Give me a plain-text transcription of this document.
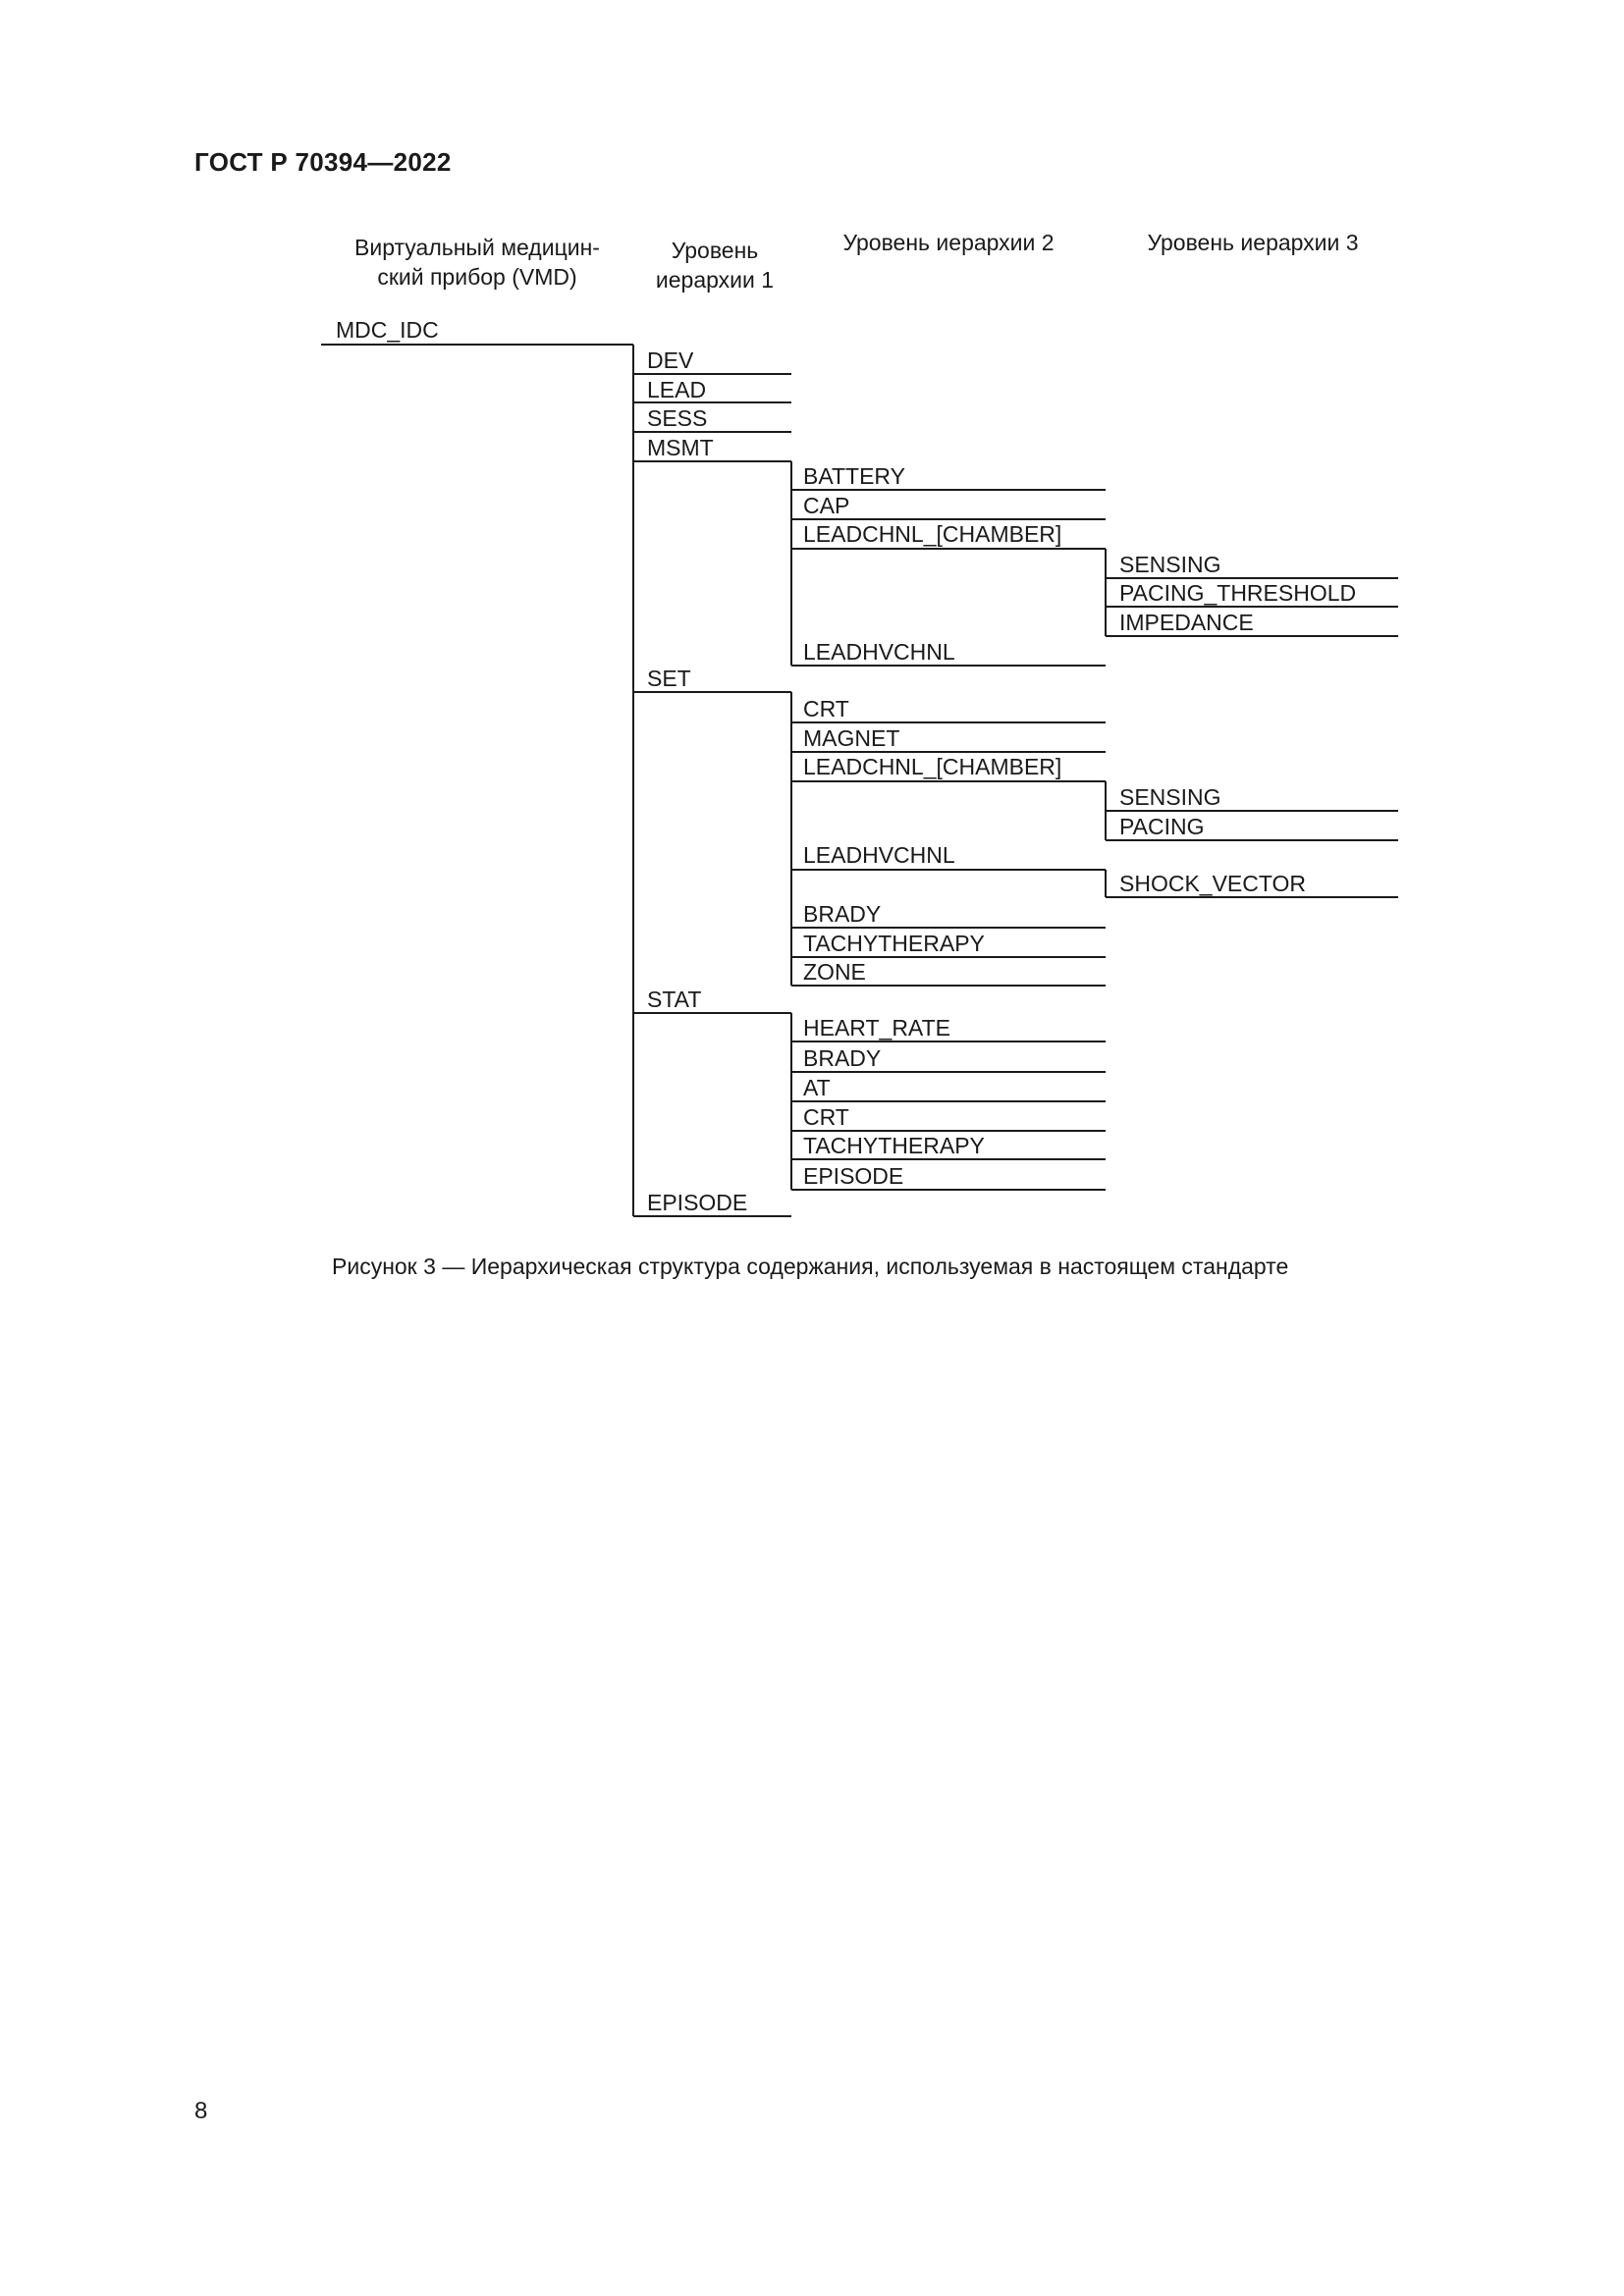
ГОСТ Р 70394—2022
Виртуальный медицин-
ский прибор (VMD)
Уровень
иерархии 1
Уровень иерархии 2	Уровень иерархии 3
MDC_IDC
DEV
LEAD
SESS
MSMT
SET
STAT
EPISODE
BATTERY
CAP
LEADCHNL_[CHAMBER]
LEADHVCHNL
SENSING
PACING_THRESHOLD
IMPEDANCE
CRT
MAGNET
LEADCHNL_[CHAMBER]
LEADHVCHNL
BRADY
TACHYTHERAPY
ZONE
SENSING
PACING
SHOCK_VECTOR
HEART_RATE
BRADY
AT
CRT
TACHYTHERAPY
EPISODE
Рисунок 3 — Иерархическая структура содержания, используемая в настоящем стандарте
8
